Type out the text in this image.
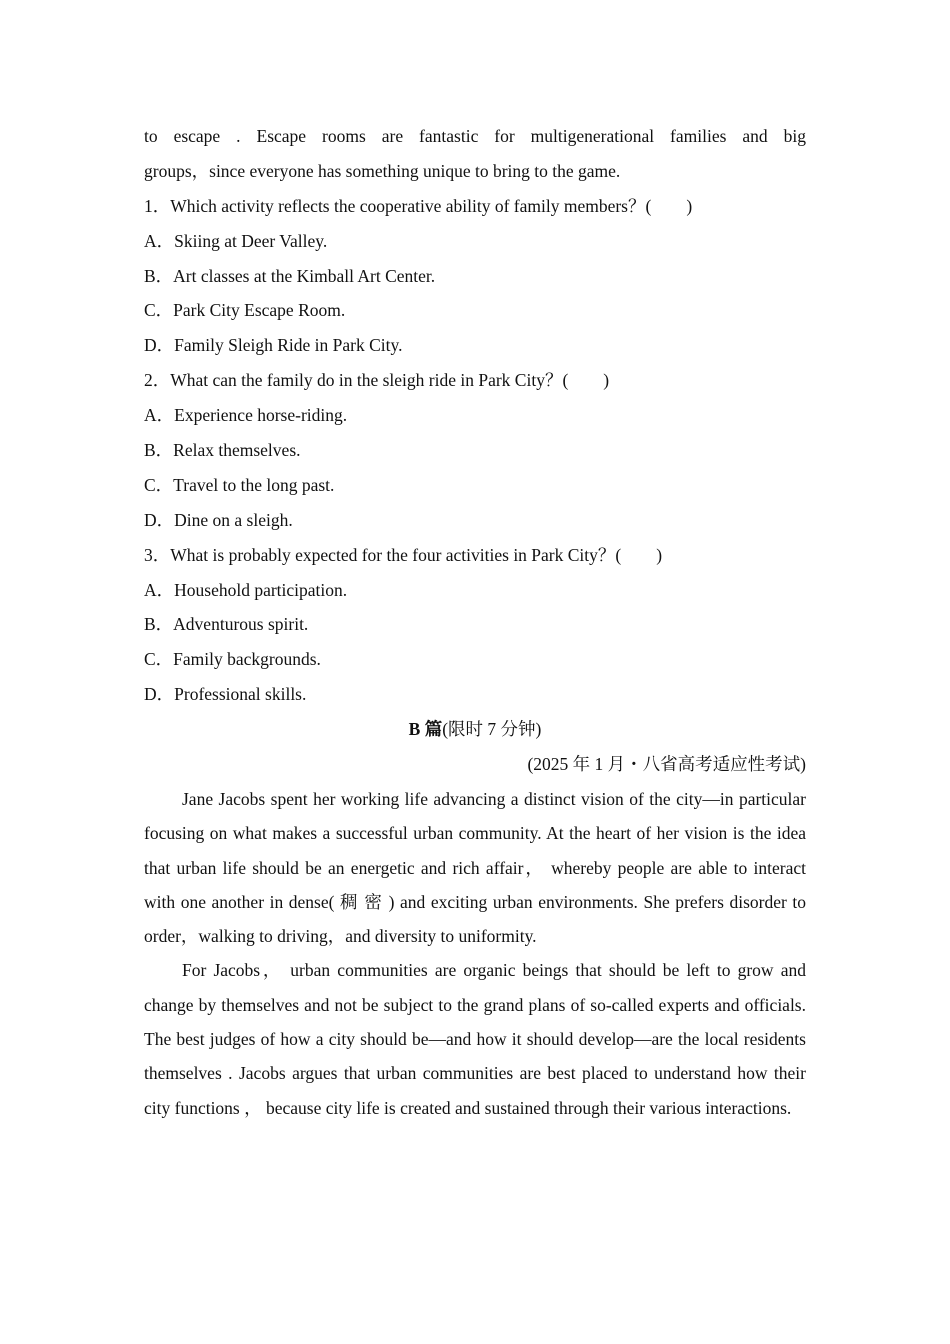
to escape . Escape rooms are fantastic for multigenerational families and big
groups，since everyone has something unique to bring to the game.
1．Which activity reflects the cooperative ability of family members？(　　)
A．Skiing at Deer Valley.
B．Art classes at the Kimball Art Center.
C．Park City Escape Room.
D．Family Sleigh Ride in Park City.
2．What can the family do in the sleigh ride in Park City？(　　)
A．Experience horse-riding.
B．Relax themselves.
C．Travel to the long past.
D．Dine on a sleigh.
3．What is probably expected for the four activities in Park City？(　　)
A．Household participation.
B．Adventurous spirit.
C．Family backgrounds.
D．Professional skills.
B 篇(限时 7 分钟)
(2025 年 1 月・八省高考适应性考试)

Jane Jacobs spent her working life advancing a distinct vision of the city—in particular focusing on what makes a successful urban community. At the heart of her vision is the idea that urban life should be an energetic and rich affair， whereby people are able to interact with one another in dense( 稠 密 ) and exciting urban environments. She prefers disorder to order，walking to driving，and diversity to uniformity.

For Jacobs， urban communities are organic beings that should be left to grow and change by themselves and not be subject to the grand plans of so-called experts and officials. The best judges of how a city should be—and how it should develop—are the local residents themselves . Jacobs argues that urban communities are best placed to understand how their city functions ， because city life is created and sustained through their various interactions.
